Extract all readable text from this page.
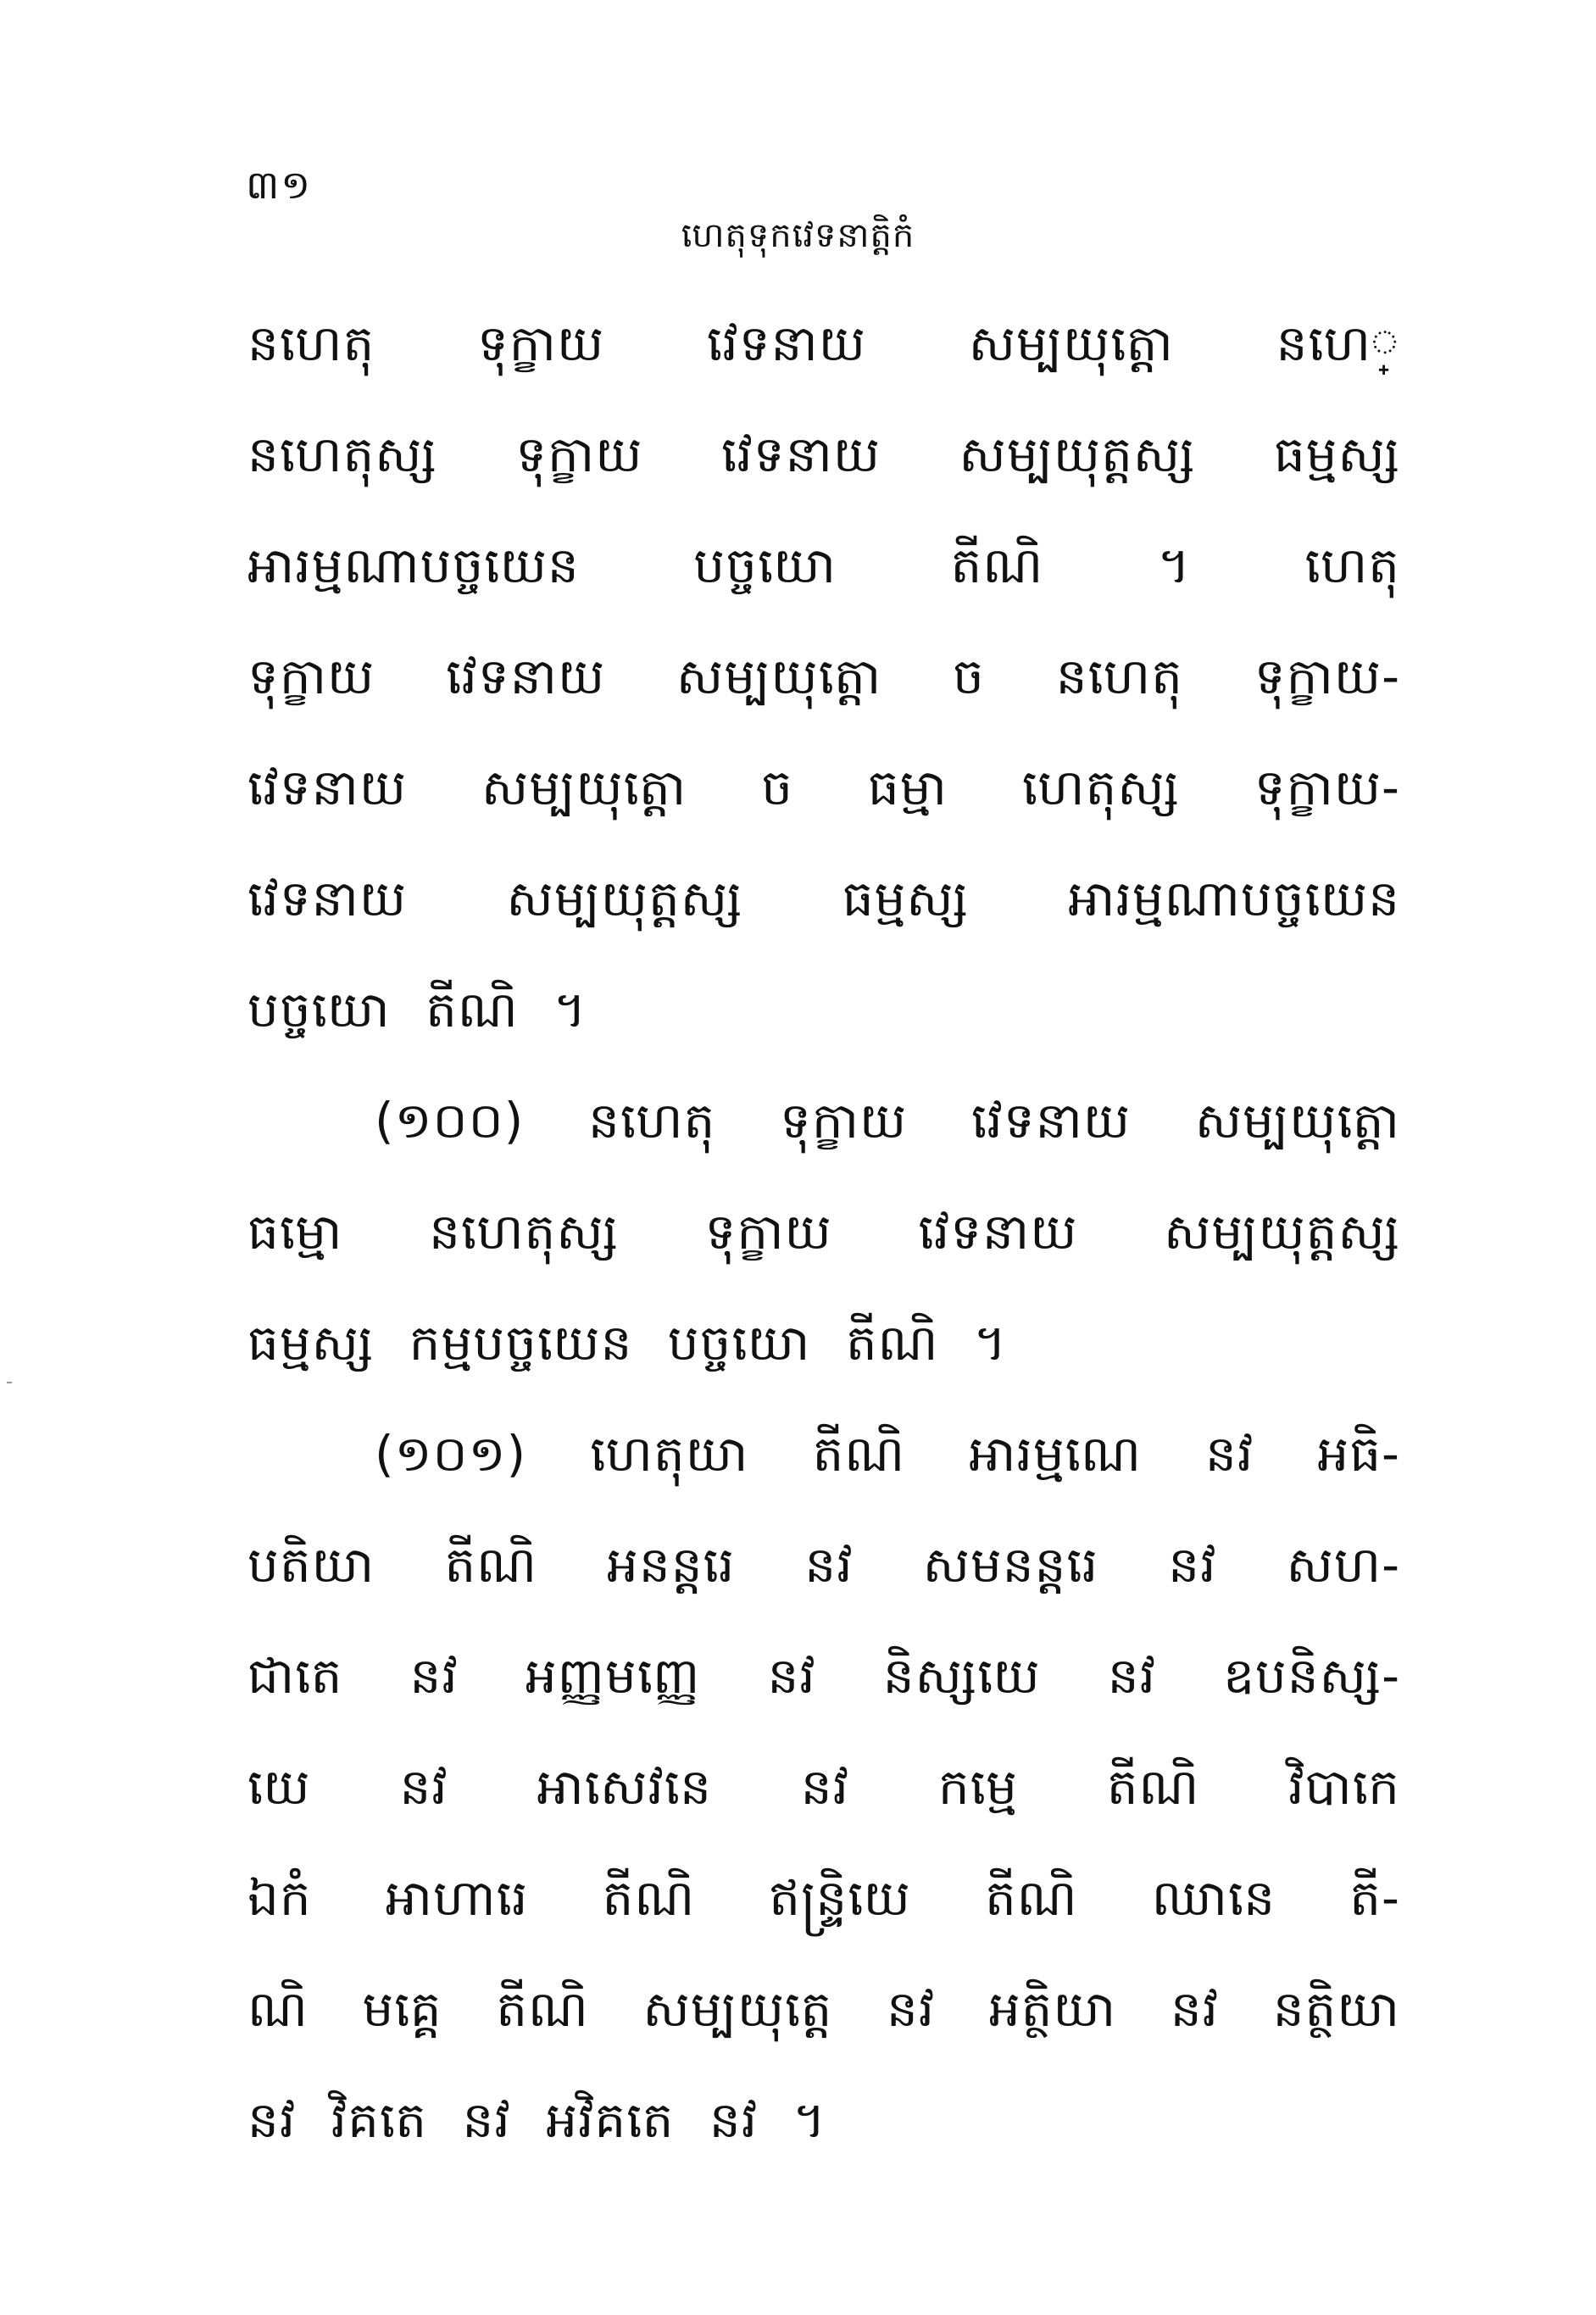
៣១
ហេតុទុកវេទនាត្តិកំ
នហេតុ ទុក្ខាយ វេទនាយ សម្បយុត្តោ នហេ្
នហេតុស្ស ទុក្ខាយ វេទនាយ សម្បយុត្តស្ស ធម្មស្ស
អារម្មណាបច្ចយេន បច្ចយោ តីណិ ។ ហេតុ
ទុក្ខាយ វេទនាយ សម្បយុត្តោ ច នហេតុ ទុក្ខាយ-
វេទនាយ សម្បយុត្តោ ច ធម្មា ហេតុស្ស ទុក្ខាយ-
វេទនាយ សម្បយុត្តស្ស ធម្មស្ស អារម្មណាបច្ចយេន
បច្ចយោ តីណិ ។
(១០០) នហេតុ ទុក្ខាយ វេទនាយ សម្បយុត្តោ
ធម្មោ នហេតុស្ស ទុក្ខាយ វេទនាយ សម្បយុត្តស្ស
ធម្មស្ស កម្មបច្ចយេន បច្ចយោ តីណិ ។
(១០១) ហេតុយា តីណិ អារម្មណេ នវ អធិ-
បតិយា តីណិ អនន្តរេ នវ សមនន្តរេ នវ សហ-
ជាតេ នវ អញ្ញមញ្ញេ នវ និស្សយេ នវ ឧបនិស្ស-
យេ នវ អាសេវនេ នវ កម្មេ តីណិ វិបាកេ
ឯកំ អាហារេ តីណិ ឥន្ទ្រិយេ តីណិ ឈានេ តី-
ណិ មគ្គេ តីណិ សម្បយុត្តេ នវ អត្ថិយា នវ នត្ថិយា
នវ វិគតេ នវ អវិគតេ នវ ។
